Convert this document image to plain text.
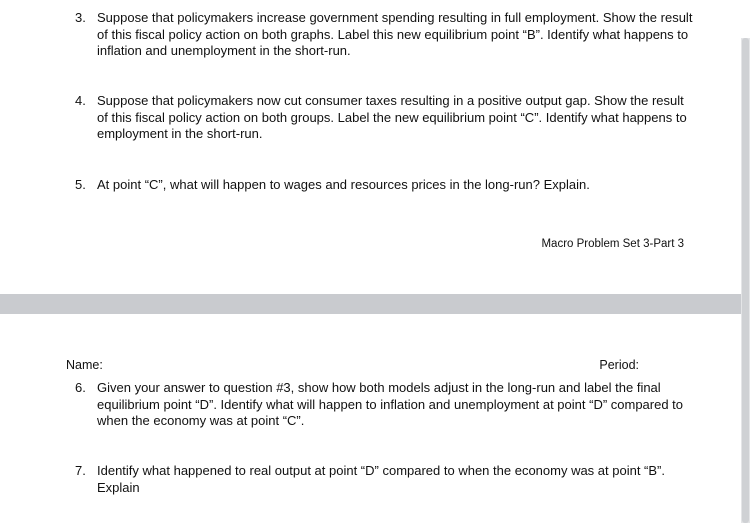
3. Suppose that policymakers increase government spending resulting in full employment. Show the result of this fiscal policy action on both graphs. Label this new equilibrium point “B”. Identify what happens to inflation and unemployment in the short-run.
4. Suppose that policymakers now cut consumer taxes resulting in a positive output gap. Show the result of this fiscal policy action on both groups. Label the new equilibrium point “C”. Identify what happens to employment in the short-run.
5. At point “C”, what will happen to wages and resources prices in the long-run? Explain.
Macro Problem Set 3-Part 3
Name:	Period:
6. Given your answer to question #3, show how both models adjust in the long-run and label the final equilibrium point “D”. Identify what will happen to inflation and unemployment at point “D” compared to when the economy was at point “C”.
7. Identify what happened to real output at point “D” compared to when the economy was at point “B”. Explain
